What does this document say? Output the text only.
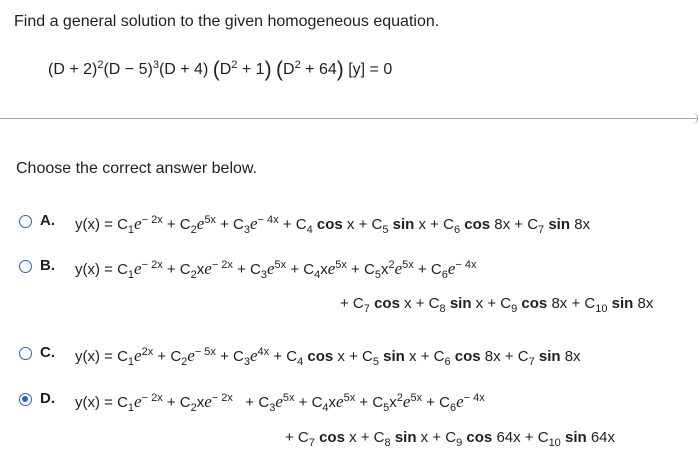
Find a general solution to the given homogeneous equation.
$(D + 2)^2(D - 5)^3(D + 4)$ $(D^2 + 1) (D^2 + 64) [y] = 0$
Choose the correct answer below.
A. $y(x) = C_1e^{- 2x} + C_2e^{5x} + C_3e^{- 4x} + C_4$ $\cos x + C_5$ $\sin x + C_6$ $\cos 8x + C_7$ sin 8x
B. $y(x) = C_1e^{- 2x} + C_2xe^{- 2x} + C_3e^{5x} + C_4xe^{5x} + C_5x^2e^{5x} + C_6e^{- 4x}$
+ $C_7$ $\cos x + C_8$ $\sin x + C_9$ $\cos 8x + C_{10}$ sin 8x
C. $y(x) = C_1e^{2x} + C_2e^{- 5x} + C_3e^{4x} + C_4$ $\cos x + C_5$ $\sin x + C_6$ $\cos 8x + C_7$ sin 8x
D. $y(x) = C_1e^{- 2x} + C_2xe^{- 2x} + C_3e^{5x} + C_4xe^{5x} + C_5x^2e^{5x} + C_6e^{- 4x}$
+ $C_7$ $\cos x + C_8$ $\sin x + C_9$ $\cos 64x + C_{10}$ sin 64x
